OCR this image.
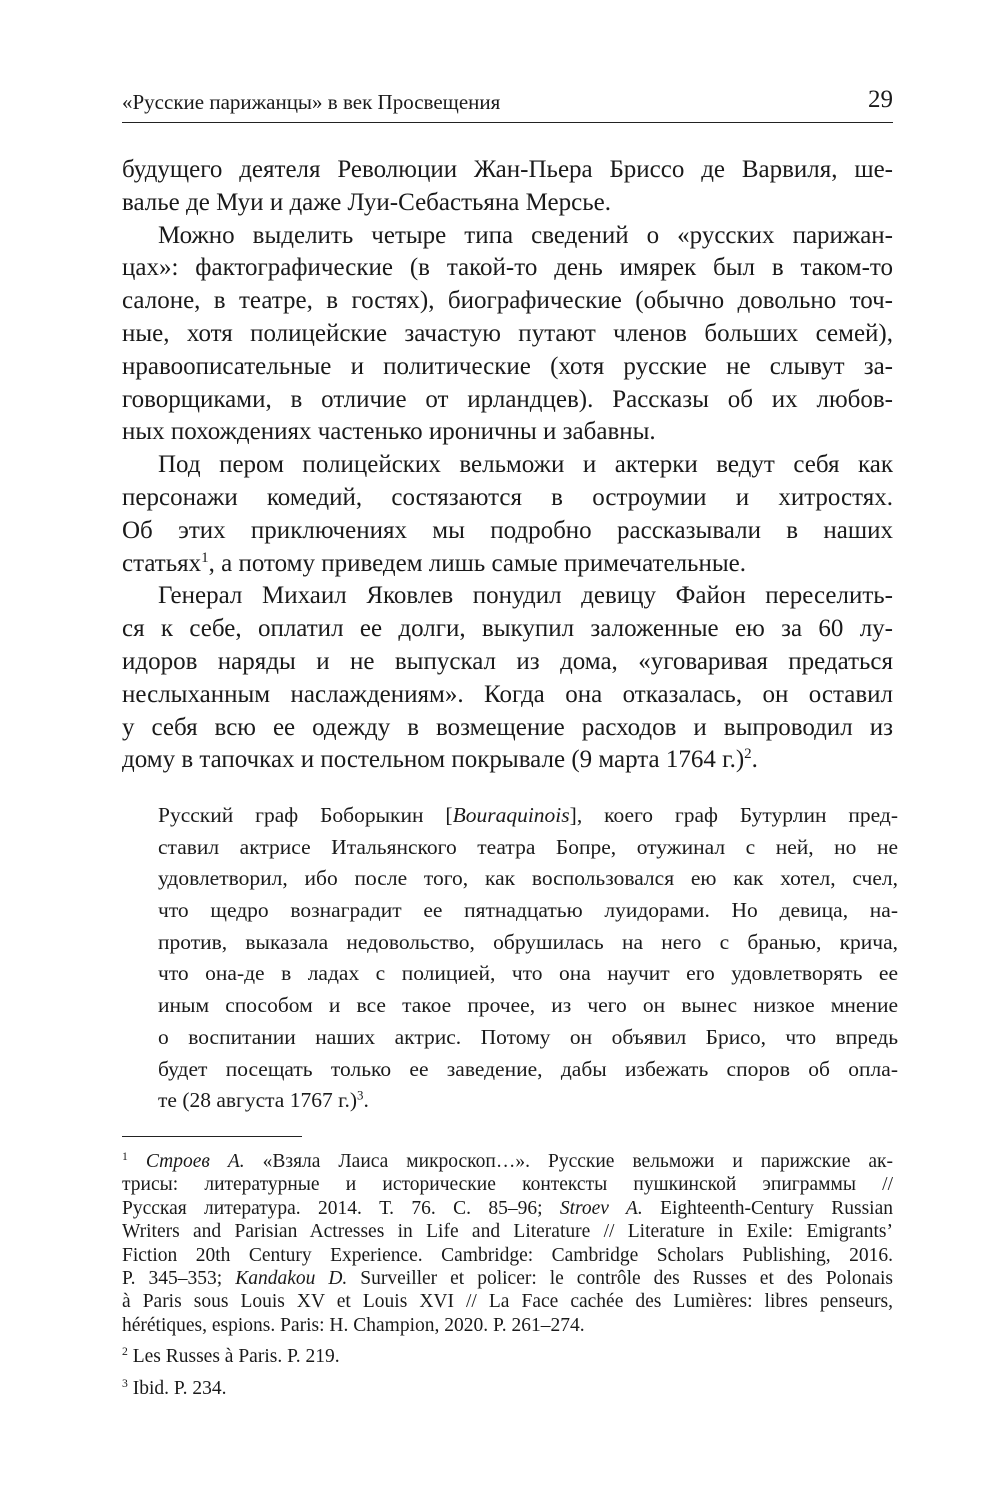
«Русские парижанцы» в век Просвещения	29
будущего деятеля Революции Жан-Пьера Бриссо де Варвиля, ше-
валье де Муи и даже Луи-Себастьяна Мерсье.
Можно выделить четыре типа сведений о «русских парижан-
цах»: фактографические (в такой-то день имярек был в таком-то
салоне, в театре, в гостях), биографические (обычно довольно точ-
ные, хотя полицейские зачастую путают членов больших семей),
нравоописательные и политические (хотя русские не слывут за-
говорщиками, в отличие от ирландцев). Рассказы об их любов-
ных похождениях частенько ироничны и забавны.
Под пером полицейских вельможи и актерки ведут себя как
персонажи комедий, состязаются в остроумии и хитростях.
Об этих приключениях мы подробно рассказывали в наших
статьях$^1$, а потому приведем лишь самые примечательные.
Генерал Михаил Яковлев понудил девицу Файон переселить-
ся к себе, оплатил ее долги, выкупил заложенные ею за 60 лу-
идоров наряды и не выпускал из дома, «уговаривая предаться
неслыханным наслаждениям». Когда она отказалась, он оставил
у себя всю ее одежду в возмещение расходов и выпроводил из
дому в тапочках и постельном покрывале (9 марта 1764 г.)$^2$.
Русский граф Боборыкин [Bouraquinois], коего граф Бутурлин пред-
ставил актрисе Итальянского театра Бопре, отужинал с ней, но не
удовлетворил, ибо после того, как воспользовался ею как хотел, счел,
что щедро вознаградит ее пятнадцатью луидорами. Но девица, на-
против, выказала недовольство, обрушилась на него с бранью, крича,
что она-де в ладах с полицией, что она научит его удовлетворять ее
иным способом и все такое прочее, из чего он вынес низкое мнение
о воспитании наших актрис. Потому он объявил Брисо, что впредь
будет посещать только ее заведение, дабы избежать споров об опла-
те (28 августа 1767 г.)$^3$.
$^1$ Строев А. «Взяла Лаиса микроскоп…». Русские вельможи и парижские ак-
трисы: литературные и исторические контексты пушкинской эпиграммы //
Русская литература. 2014. Т. 76. С. 85–96; Stroev A. Eighteenth-Century Russian
Writers and Parisian Actresses in Life and Literature // Literature in Exile: Emigrants’
Fiction 20th Century Experience. Cambridge: Cambridge Scholars Publishing, 2016.
P. 345–353; Kandakou D. Surveiller et policer: le contrôle des Russes et des Polonais
à Paris sous Louis XV et Louis XVI // La Face cachée des Lumières: libres penseurs,
hérétiques, espions. Paris: H. Champion, 2020. P. 261–274.
$^2$ Les Russes à Paris. P. 219.
$^3$ Ibid. P. 234.
